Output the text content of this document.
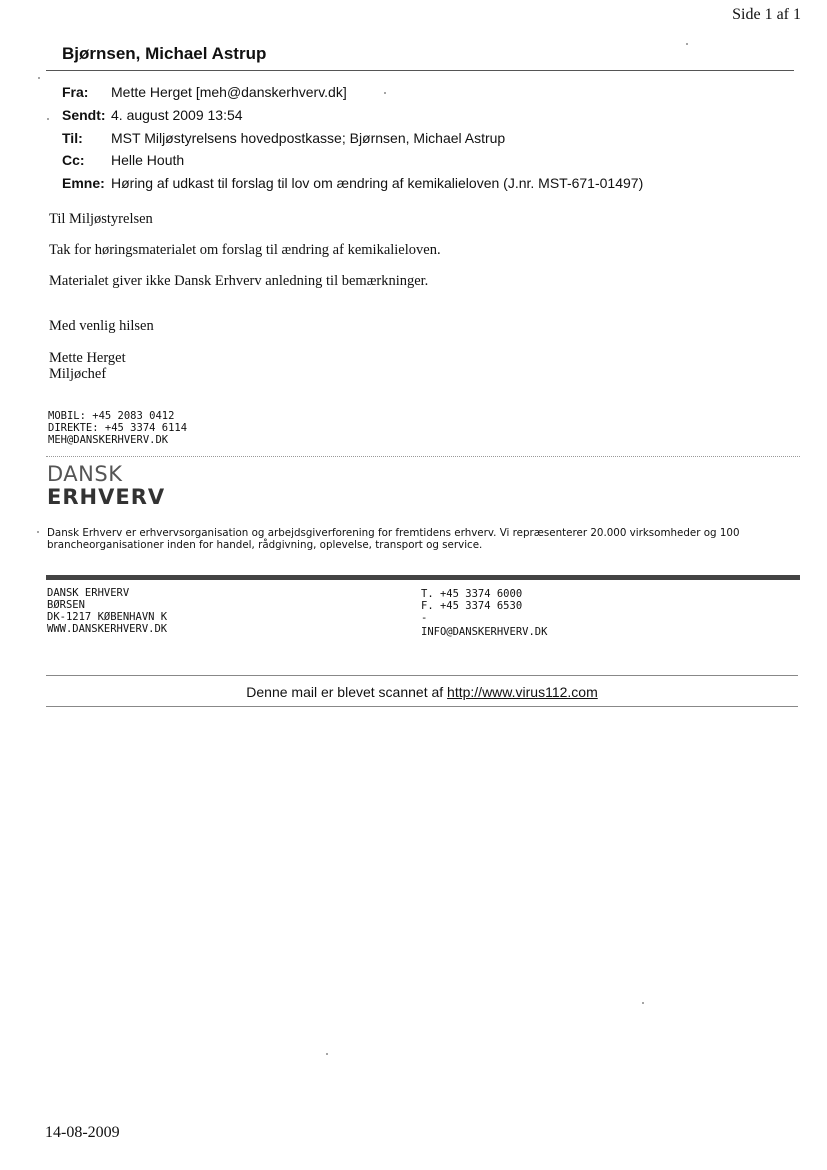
Side 1 af 1
Bjørnsen, Michael Astrup
Fra:	Mette Herget [meh@danskerhverv.dk]
Sendt: 4. august 2009 13:54
Til:	MST Miljøstyrelsens hovedpostkasse; Bjørnsen, Michael Astrup
Cc:	Helle Houth
Emne: Høring af udkast til forslag til lov om ændring af kemikalieloven (J.nr. MST-671-01497)
Til Miljøstyrelsen
Tak for høringsmaterialet om forslag til ændring af kemikalieloven.
Materialet giver ikke Dansk Erhverv anledning til bemærkninger.
Med venlig hilsen
Mette Herget
Miljøchef
MOBIL: +45 2083 0412
DIREKTE: +45 3374 6114
MEH@DANSKERHVERV.DK
DANSK
ERHVERV
Dansk Erhverv er erhvervsorganisation og arbejdsgiverforening for fremtidens erhverv. Vi repræsenterer 20.000 virksomheder og 100 brancheorganisationer inden for handel, rådgivning, oplevelse, transport og service.
DANSK ERHVERV
BØRSEN
DK-1217 KØBENHAVN K
WWW.DANSKERHVERV.DK
T. +45 3374 6000
F. +45 3374 6530
-
INFO@DANSKERHVERV.DK
Denne mail er blevet scannet af http://www.virus112.com
14-08-2009
